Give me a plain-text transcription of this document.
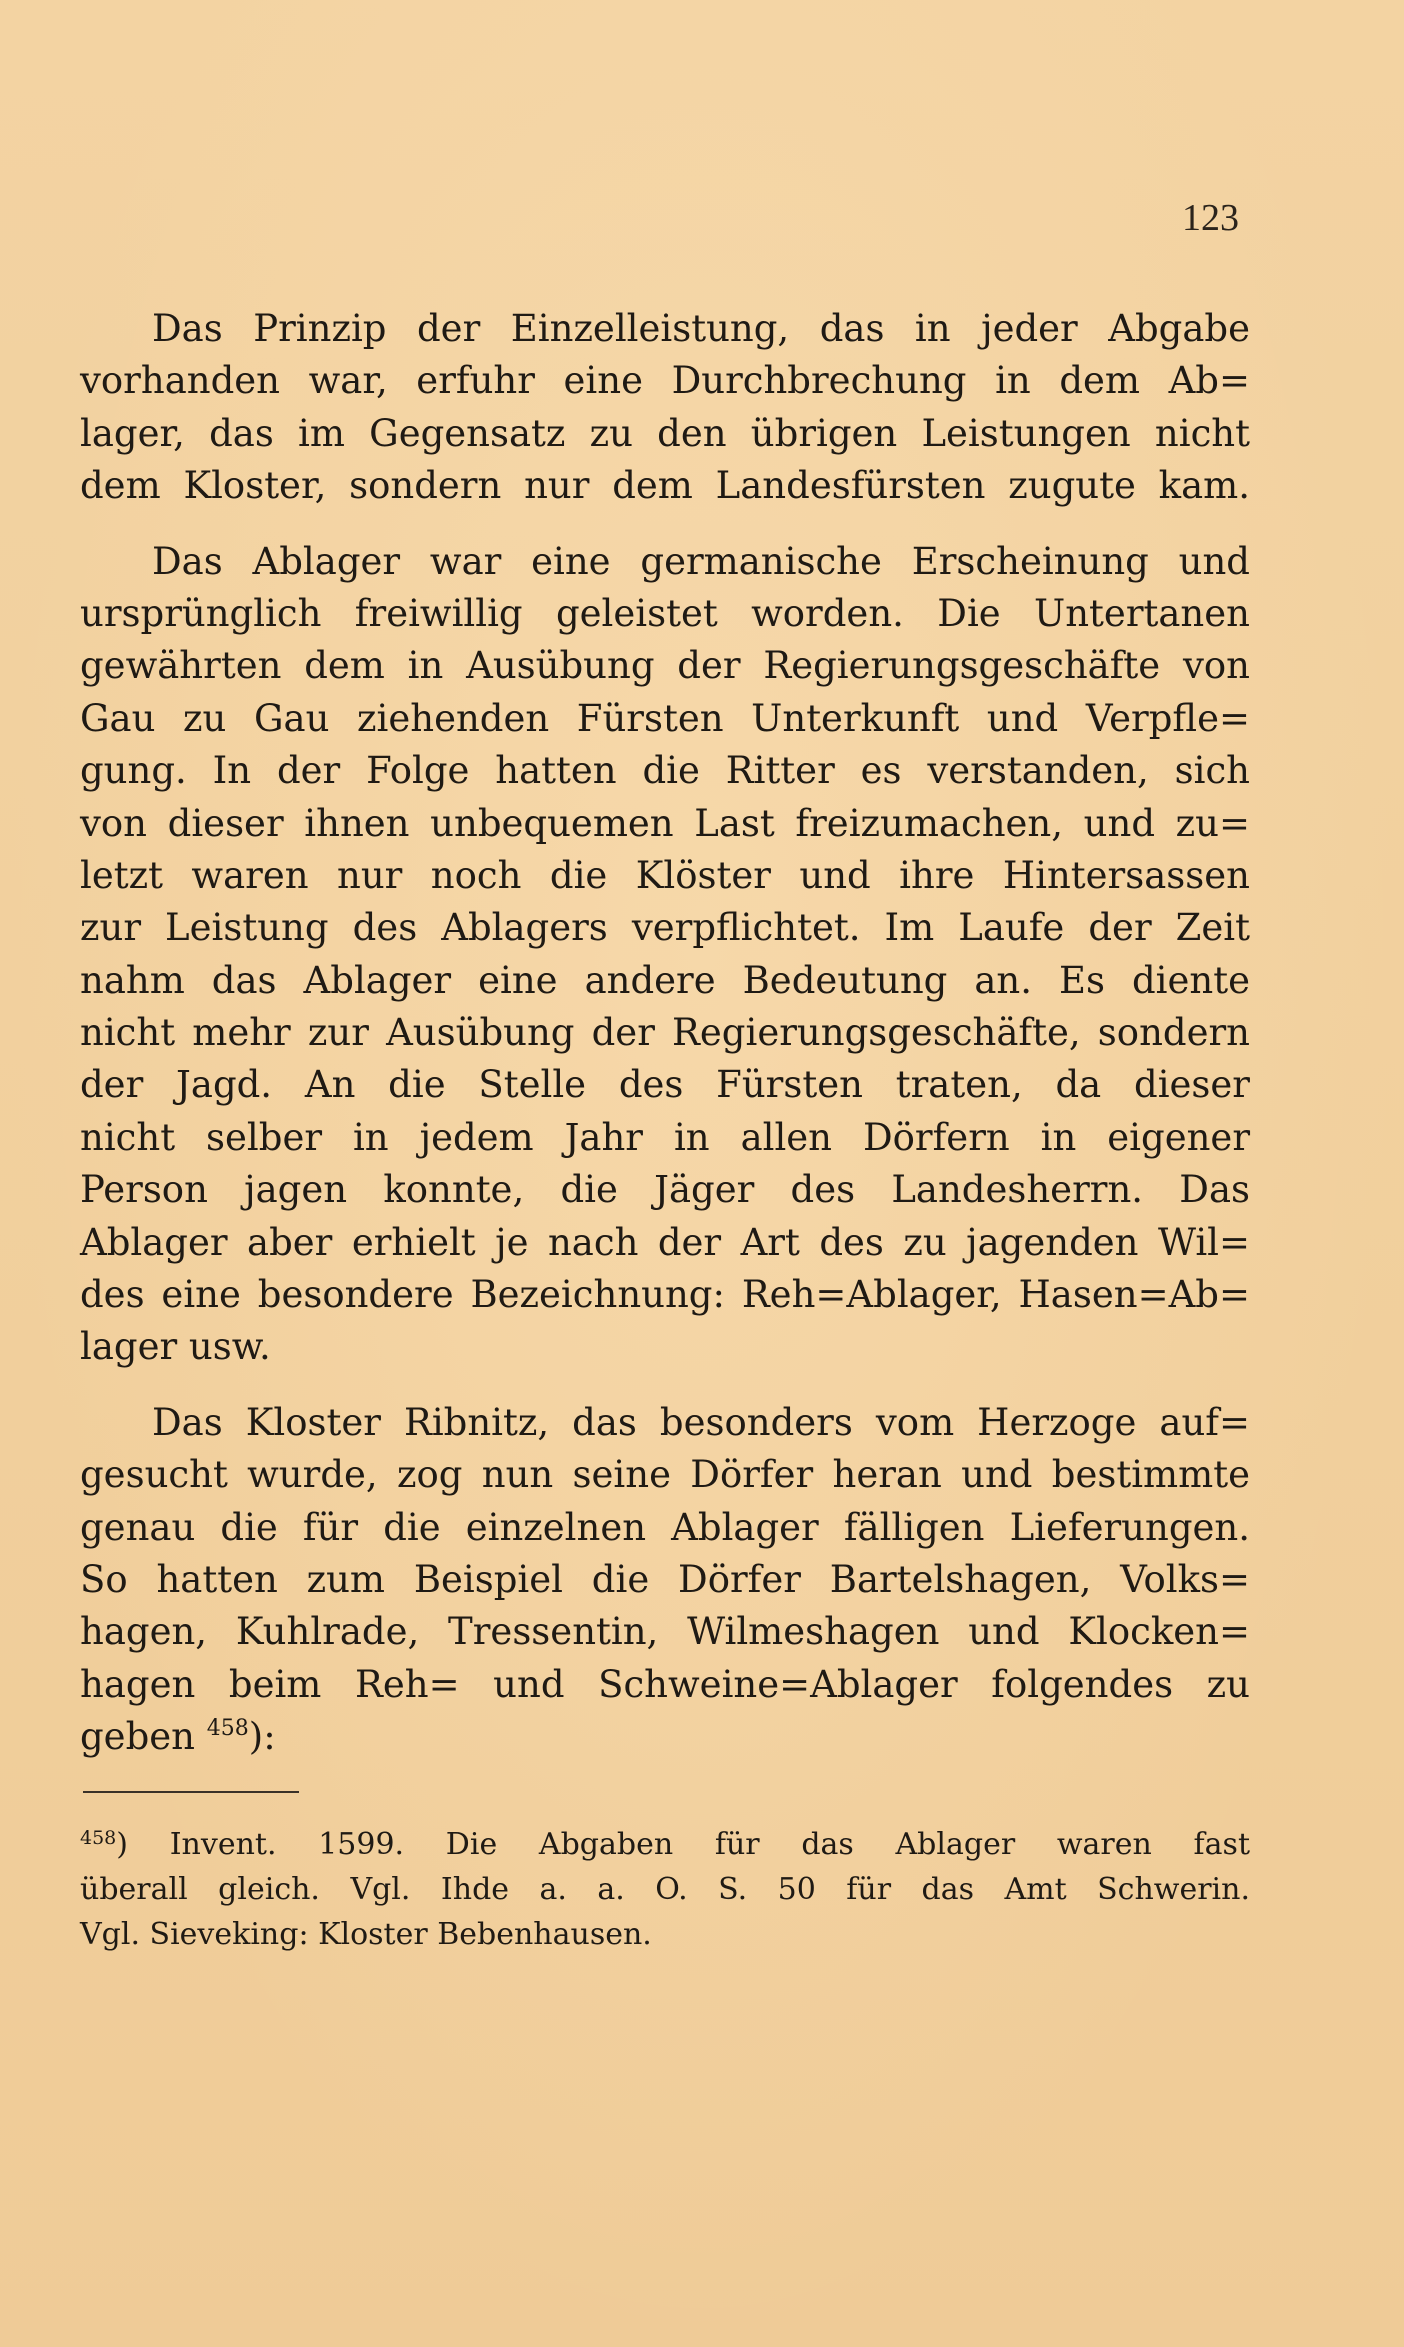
123
Das Prinzip der Einzelleistung, das in jeder Abgabe
vorhanden war, erfuhr eine Durchbrechung in dem Ab=
lager, das im Gegensatz zu den übrigen Leistungen nicht
dem Kloster, sondern nur dem Landesfürsten zugute kam.
Das Ablager war eine germanische Erscheinung und
ursprünglich freiwillig geleistet worden. Die Untertanen
gewährten dem in Ausübung der Regierungsgeschäfte von
Gau zu Gau ziehenden Fürsten Unterkunft und Verpfle=
gung. In der Folge hatten die Ritter es verstanden, sich
von dieser ihnen unbequemen Last freizumachen, und zu=
letzt waren nur noch die Klöster und ihre Hintersassen
zur Leistung des Ablagers verpflichtet. Im Laufe der Zeit
nahm das Ablager eine andere Bedeutung an. Es diente
nicht mehr zur Ausübung der Regierungsgeschäfte, sondern
der Jagd. An die Stelle des Fürsten traten, da dieser
nicht selber in jedem Jahr in allen Dörfern in eigener
Person jagen konnte, die Jäger des Landesherrn. Das
Ablager aber erhielt je nach der Art des zu jagenden Wil=
des eine besondere Bezeichnung: Reh=Ablager, Hasen=Ab=
lager usw.
Das Kloster Ribnitz, das besonders vom Herzoge auf=
gesucht wurde, zog nun seine Dörfer heran und bestimmte
genau die für die einzelnen Ablager fälligen Lieferungen.
So hatten zum Beispiel die Dörfer Bartelshagen, Volks=
hagen, Kuhlrade, Tressentin, Wilmeshagen und Klocken=
hagen beim Reh= und Schweine=Ablager folgendes zu
geben $^{458}$):
$^{458}$) Invent. 1599. Die Abgaben für das Ablager waren fast
überall gleich. Vgl. Ihde a. a. O. S. 50 für das Amt Schwerin.
Vgl. Sieveking: Kloster Bebenhausen.
